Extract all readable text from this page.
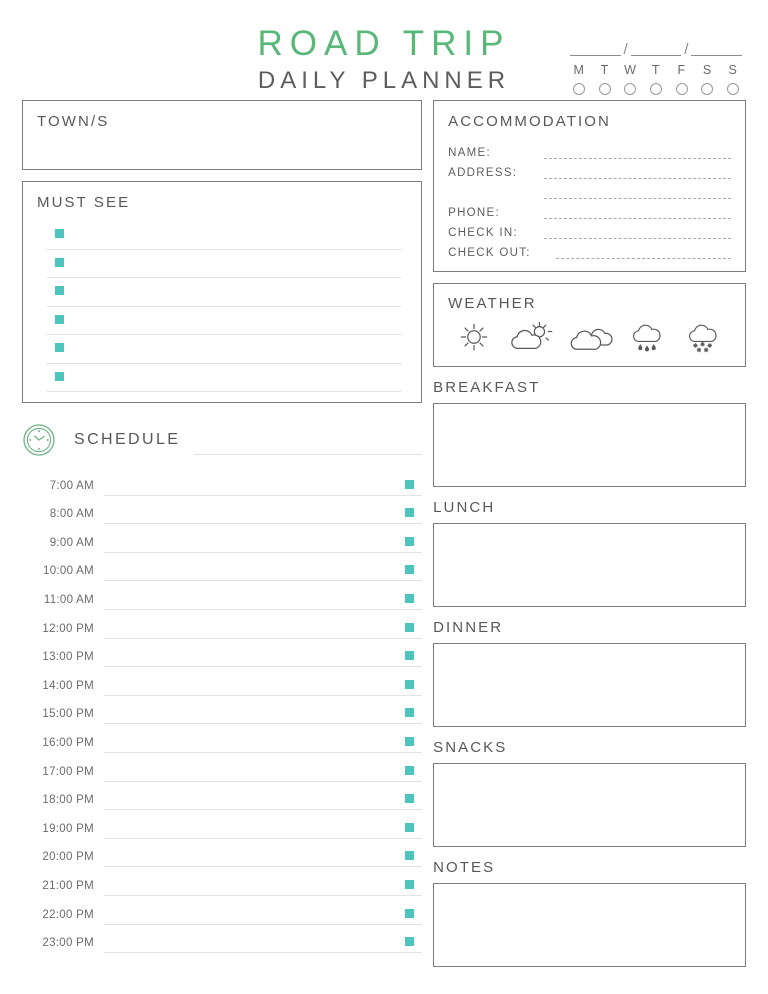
ROAD TRIP
DAILY PLANNER
/	/
M	T	W	T	F	S	S
TOWN/S
MUST SEE
SCHEDULE
7:00 AM
8:00 AM
9:00 AM
10:00 AM
11:00 AM
12:00 PM
13:00 PM
14:00 PM
15:00 PM
16:00 PM
17:00 PM
18:00 PM
19:00 PM
20:00 PM
21:00 PM
22:00 PM
23:00 PM
ACCOMMODATION
NAME:
ADDRESS:
PHONE:
CHECK IN:
CHECK OUT:
WEATHER
BREAKFAST
LUNCH
DINNER
SNACKS
NOTES
